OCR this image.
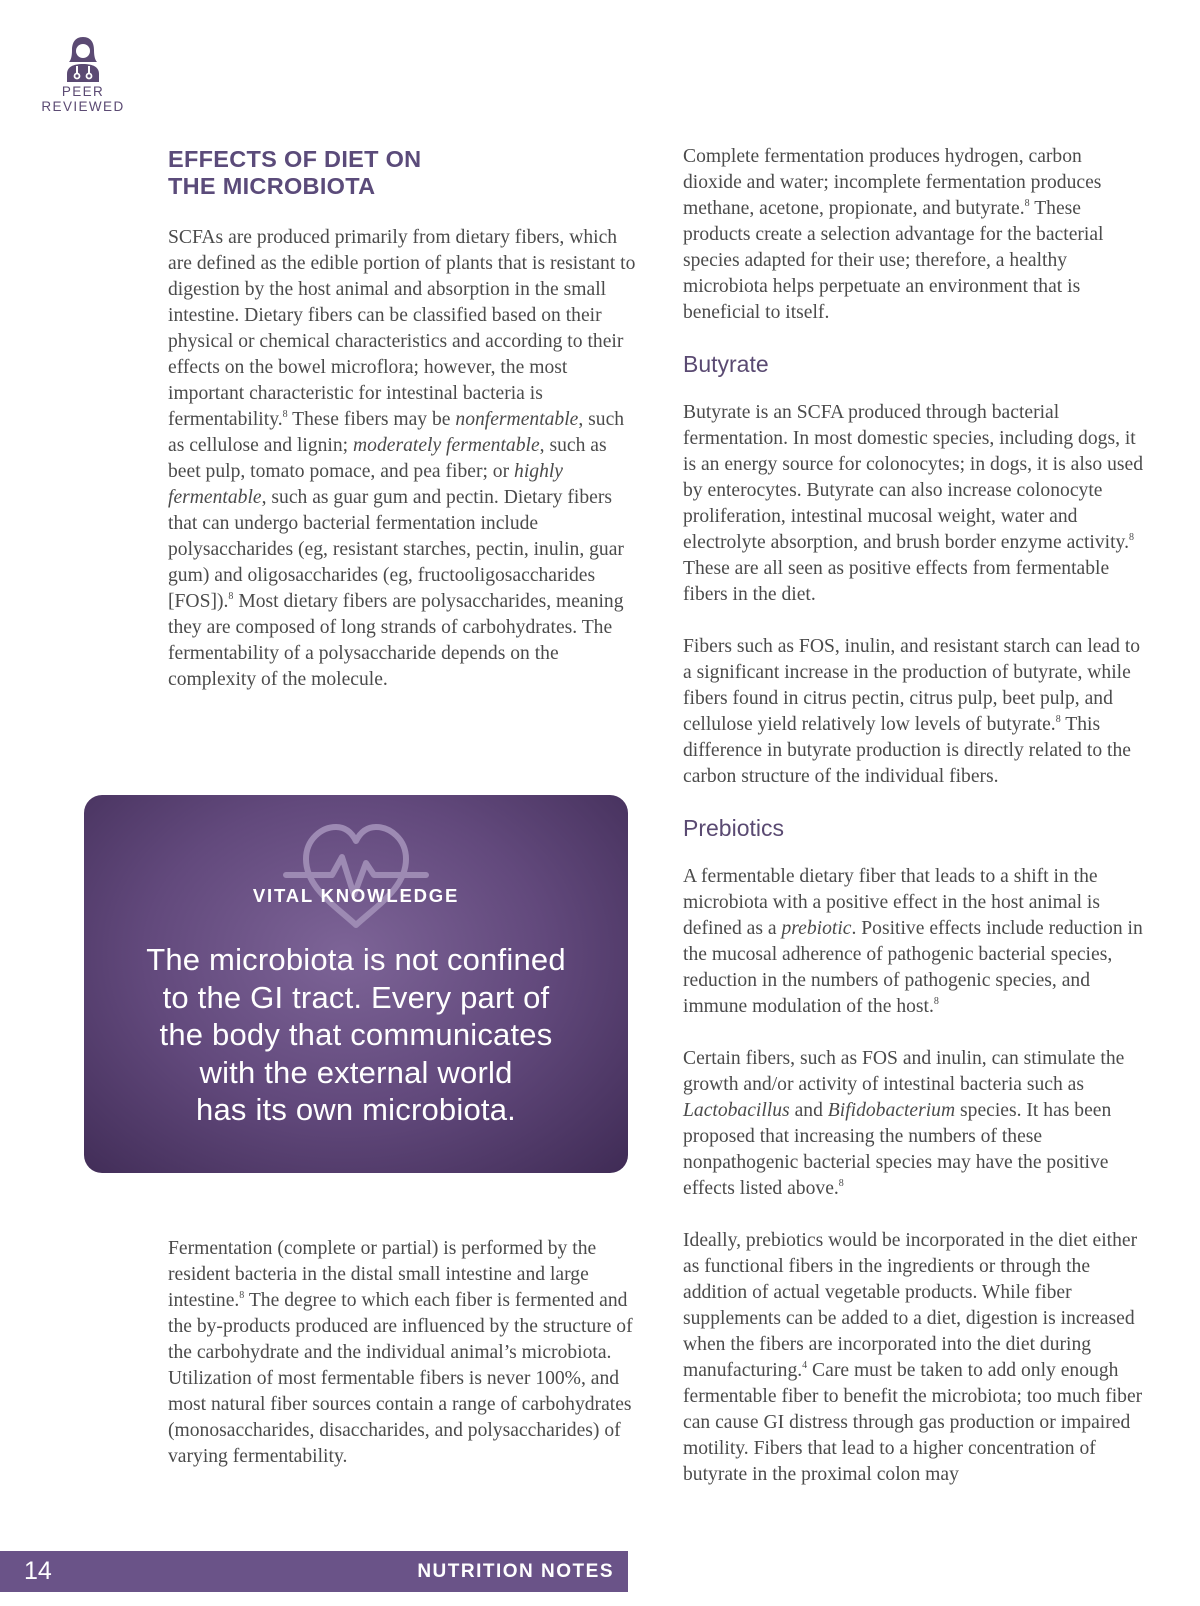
PEER
REVIEWED
EFFECTS OF DIET ON
THE MICROBIOTA

SCFAs are produced primarily from dietary fibers, which are defined as the edible portion of plants that is resistant to digestion by the host animal and absorption in the small intestine. Dietary fibers can be classified based on their physical or chemical characteristics and according to their effects on the bowel microflora; however, the most important characteristic for intestinal bacteria is fermentability.$^8$ These fibers may be nonfermentable, such as cellulose and lignin; moderately fermentable, such as beet pulp, tomato pomace, and pea fiber; or highly fermentable, such as guar gum and pectin. Dietary fibers that can undergo bacterial fermentation include polysaccharides (eg, resistant starches, pectin, inulin, guar gum) and oligosaccharides (eg, fructooligosaccharides [FOS]).$^8$ Most dietary fibers are polysaccharides, meaning they are composed of long strands of carbohydrates. The fermentability of a polysaccharide depends on the complexity of the molecule.

VITAL KNOWLEDGE
The microbiota is not confined
to the GI tract. Every part of
the body that communicates
with the external world
has its own microbiota.

Fermentation (complete or partial) is performed by the resident bacteria in the distal small intestine and large intestine.$^8$ The degree to which each fiber is fermented and the by-products produced are influenced by the structure of the carbohydrate and the individual animal’s microbiota. Utilization of most fermentable fibers is never 100%, and most natural fiber sources contain a range of carbohydrates (monosaccharides, disaccharides, and polysaccharides) of varying fermentability.

Complete fermentation produces hydrogen, carbon dioxide and water; incomplete fermentation produces methane, acetone, propionate, and butyrate.$^8$ These products create a selection advantage for the bacterial species adapted for their use; therefore, a healthy microbiota helps perpetuate an environment that is beneficial to itself.

Butyrate

Butyrate is an SCFA produced through bacterial fermentation. In most domestic species, including dogs, it is an energy source for colonocytes; in dogs, it is also used by enterocytes. Butyrate can also increase colonocyte proliferation, intestinal mucosal weight, water and electrolyte absorption, and brush border enzyme activity.$^8$ These are all seen as positive effects from fermentable fibers in the diet.

Fibers such as FOS, inulin, and resistant starch can lead to a significant increase in the production of butyrate, while fibers found in citrus pectin, citrus pulp, beet pulp, and cellulose yield relatively low levels of butyrate.$^8$ This difference in butyrate production is directly related to the carbon structure of the individual fibers.

Prebiotics

A fermentable dietary fiber that leads to a shift in the microbiota with a positive effect in the host animal is defined as a prebiotic. Positive effects include reduction in the mucosal adherence of pathogenic bacterial species, reduction in the numbers of pathogenic species, and immune modulation of the host.$^8$

Certain fibers, such as FOS and inulin, can stimulate the growth and/or activity of intestinal bacteria such as Lactobacillus and Bifidobacterium species. It has been proposed that increasing the numbers of these nonpathogenic bacterial species may have the positive effects listed above.$^8$

Ideally, prebiotics would be incorporated in the diet either as functional fibers in the ingredients or through the addition of actual vegetable products. While fiber supplements can be added to a diet, digestion is increased when the fibers are incorporated into the diet during manufacturing.$^4$ Care must be taken to add only enough fermentable fiber to benefit the microbiota; too much fiber can cause GI distress through gas production or impaired motility. Fibers that lead to a higher concentration of butyrate in the proximal colon may

14	NUTRITION NOTES
